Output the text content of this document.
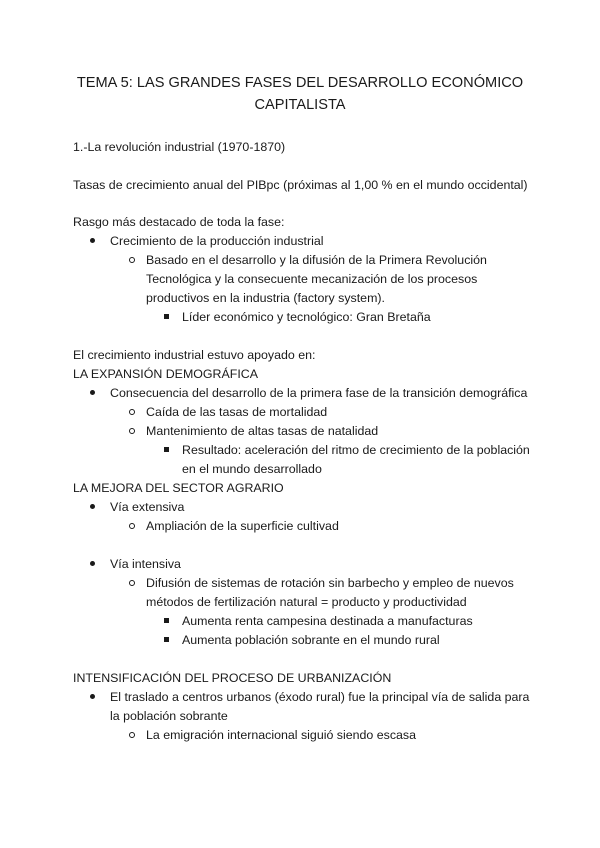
TEMA 5: LAS GRANDES FASES DEL DESARROLLO ECONÓMICO
CAPITALISTA
1.-La revolución industrial (1970-1870)
Tasas de crecimiento anual del PIBpc (próximas al 1,00 % en el mundo occidental)
Rasgo más destacado de toda la fase:
Crecimiento de la producción industrial
Basado en el desarrollo y la difusión de la Primera Revolución
Tecnológica y la consecuente mecanización de los procesos
productivos en la industria (factory system).
Líder económico y tecnológico: Gran Bretaña
El crecimiento industrial estuvo apoyado en:
LA EXPANSIÓN DEMOGRÁFICA
Consecuencia del desarrollo de la primera fase de la transición demográfica
Caída de las tasas de mortalidad
Mantenimiento de altas tasas de natalidad
Resultado: aceleración del ritmo de crecimiento de la población
en el mundo desarrollado
LA MEJORA DEL SECTOR AGRARIO
Vía extensiva
Ampliación de la superficie cultivad
Vía intensiva
Difusión de sistemas de rotación sin barbecho y empleo de nuevos
métodos de fertilización natural = producto y productividad
Aumenta renta campesina destinada a manufacturas
Aumenta población sobrante en el mundo rural
INTENSIFICACIÓN DEL PROCESO DE URBANIZACIÓN
El traslado a centros urbanos (éxodo rural) fue la principal vía de salida para
la población sobrante
La emigración internacional siguió siendo escasa
